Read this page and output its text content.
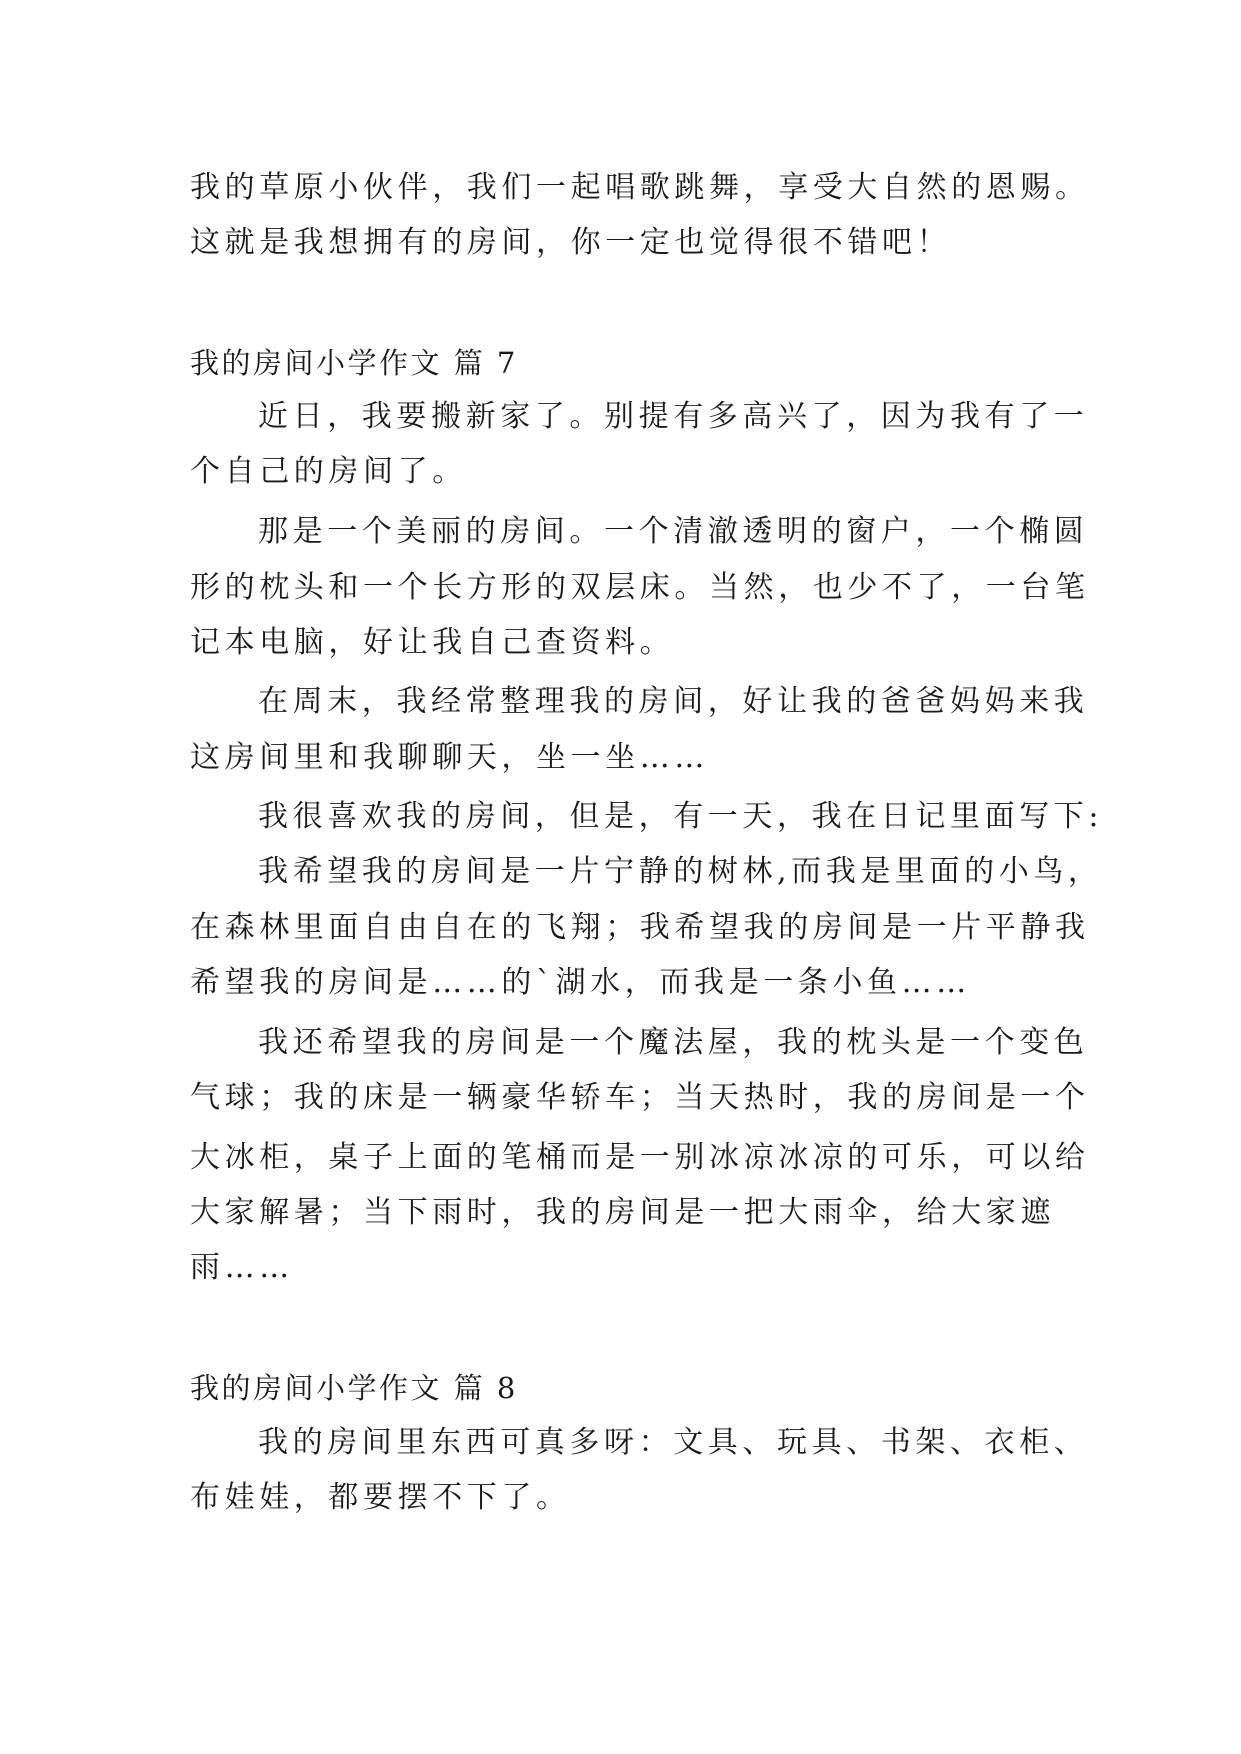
我的草原小伙伴，我们一起唱歌跳舞，享受大自然的恩赐。
这就是我想拥有的房间，你一定也觉得很不错吧！
我的房间小学作文 篇 7
近日，我要搬新家了。别提有多高兴了，因为我有了一
个自己的房间了。
那是一个美丽的房间。一个清澈透明的窗户，一个椭圆
形的枕头和一个长方形的双层床。当然，也少不了，一台笔
记本电脑，好让我自己查资料。
在周末，我经常整理我的房间，好让我的爸爸妈妈来我
这房间里和我聊聊天，坐一坐……
我很喜欢我的房间，但是，有一天，我在日记里面写下:
我希望我的房间是一片宁静的树林,而我是里面的小鸟，
在森林里面自由自在的飞翔；我希望我的房间是一片平静我
希望我的房间是……的`湖水，而我是一条小鱼……
我还希望我的房间是一个魔法屋，我的枕头是一个变色
气球；我的床是一辆豪华轿车；当天热时，我的房间是一个
大冰柜，桌子上面的笔桶而是一别冰凉冰凉的可乐，可以给
大家解暑；当下雨时，我的房间是一把大雨伞，给大家遮
雨……
我的房间小学作文 篇 8
我的房间里东西可真多呀：文具、玩具、书架、衣柜、
布娃娃，都要摆不下了。
